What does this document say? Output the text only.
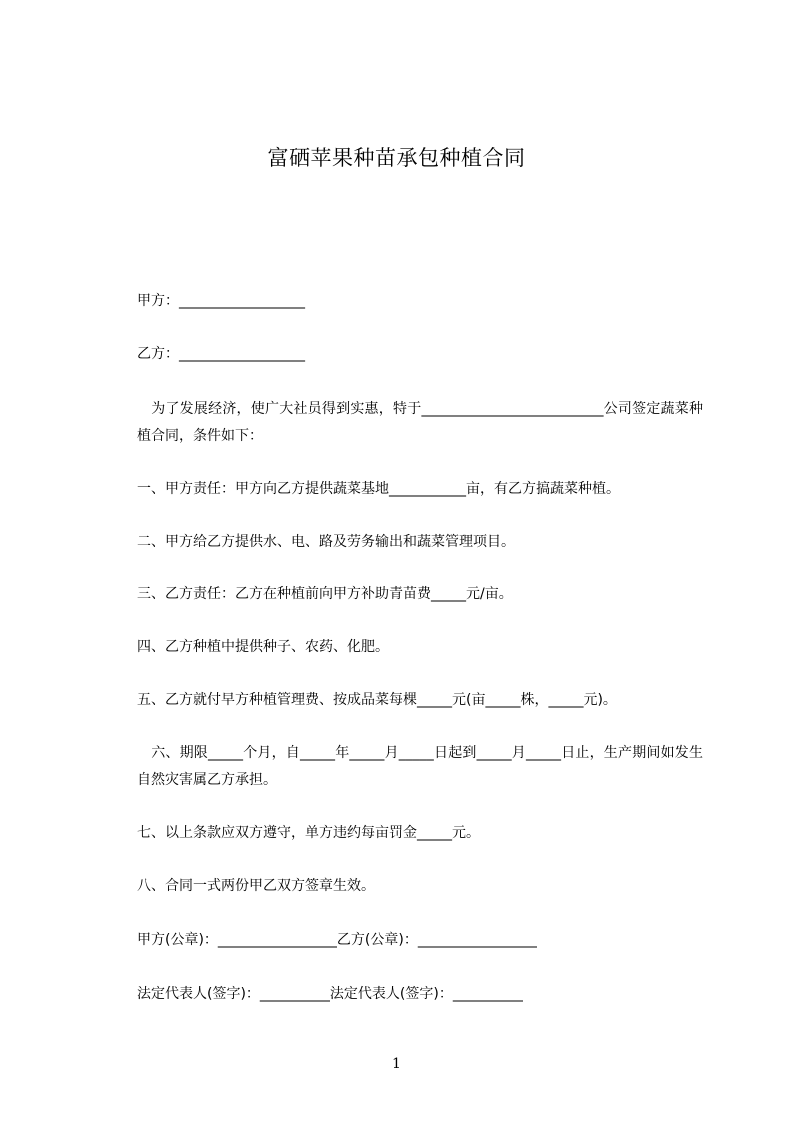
富硒苹果种苗承包种植合同
甲方：__________________
乙方：__________________
　为了发展经济，使广大社员得到实惠，特于__________________________公司签定蔬菜种植合同，条件如下：
一、甲方责任：甲方向乙方提供蔬菜基地___________亩，有乙方搞蔬菜种植。
二、甲方给乙方提供水、电、路及劳务输出和蔬菜管理项目。
三、乙方责任：乙方在种植前向甲方补助青苗费_____元/亩。
四、乙方种植中提供种子、农药、化肥。
五、乙方就付早方种植管理费、按成品菜每棵_____元(亩_____株，_____元)。
　六、期限_____个月，自_____年_____月_____日起到_____月_____日止，生产期间如发生自然灾害属乙方承担。
七、以上条款应双方遵守，单方违约每亩罚金_____元。
八、合同一式两份甲乙双方签章生效。
甲方(公章)：_________________乙方(公章)：_________________
法定代表人(签字)：__________法定代表人(签字)：__________
1
